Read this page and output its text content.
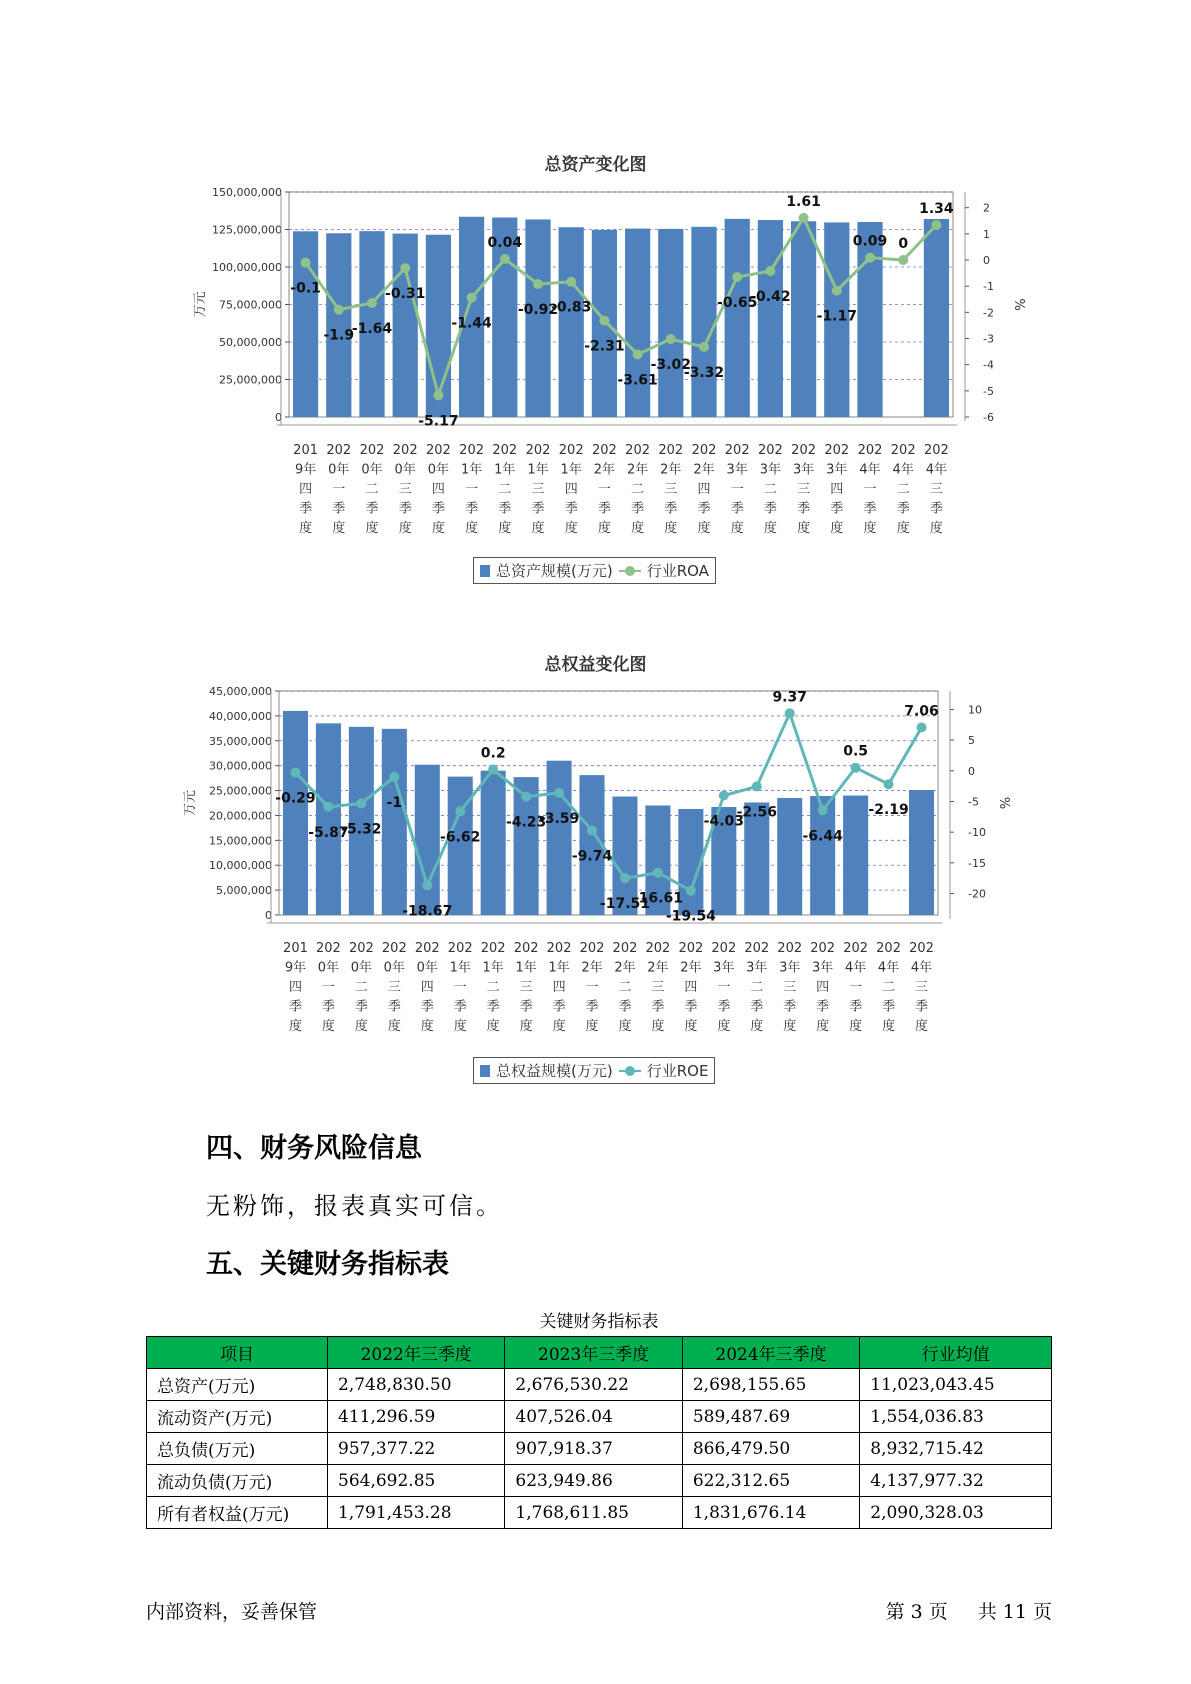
总资产变化图
0
25,000,000
50,000,000
75,000,000
100,000,000
125,000,000
150,000,000
-6
-5
-4
-3
-2
-1
0
1
2
万元	%
201
9年
四
季
度
202
0年
一
季
度
202
0年
二
季
度
202
0年
三
季
度
202
0年
四
季
度
202
1年
一
季
度
202
1年
二
季
度
202
1年
三
季
度
202
1年
四
季
度
202
2年
一
季
度
202
2年
二
季
度
202
2年
三
季
度
202
2年
四
季
度
202
3年
一
季
度
202
3年
二
季
度
202
3年
三
季
度
202
3年
四
季
度
202
4年
一
季
度
202
4年
二
季
度
202
4年
三
季
度
-0.1
-1.9
-1.64
-0.31
-5.17
-1.44
0.04
-0.92
-0.83
-2.31
-3.61
-3.02
-3.32
-0.65
-0.42
1.61
-1.17
0.09 0
1.34
总资产规模(万元) 行业ROA
总权益变化图
0
5,000,000
10,000,000
15,000,000
20,000,000
25,000,000
30,000,000
35,000,000
40,000,000
45,000,000
-20
-15
-10
-5
0
5
10
万元	%
201
9年
四
季
度
202
0年
一
季
度
202
0年
二
季
度
202
0年
三
季
度
202
0年
四
季
度
202
1年
一
季
度
202
1年
二
季
度
202
1年
三
季
度
202
1年
四
季
度
202
2年
一
季
度
202
2年
二
季
度
202
2年
三
季
度
202
2年
四
季
度
202
3年
一
季
度
202
3年
二
季
度
202
3年
三
季
度
202
3年
四
季
度
202
4年
一
季
度
202
4年
二
季
度
202
4年
三
季
度
-0.29
-5.87
-5.32
-1
-18.67
-6.62
0.2
-4.23
-3.59
-9.74
-17.51
-16.61
-19.54
-4.03
-2.56
9.37
-6.44
0.5
-2.19
7.06
总权益规模(万元) 行业ROE
四、财务风险信息
无粉饰，报表真实可信。
五、关键财务指标表
关键财务指标表
项目	2022年三季度	2023年三季度	2024年三季度	行业均值
总资产(万元)	2,748,830.50	2,676,530.22	2,698,155.65	11,023,043.45
流动资产(万元)	411,296.59	407,526.04	589,487.69	1,554,036.83
总负债(万元)	957,377.22	907,918.37	866,479.50	8,932,715.42
流动负债(万元)	564,692.85	623,949.86	622,312.65	4,137,977.32
所有者权益(万元)	1,791,453.28	1,768,611.85	1,831,676.14	2,090,328.03
内部资料，妥善保管	第 3 页 共 11 页
